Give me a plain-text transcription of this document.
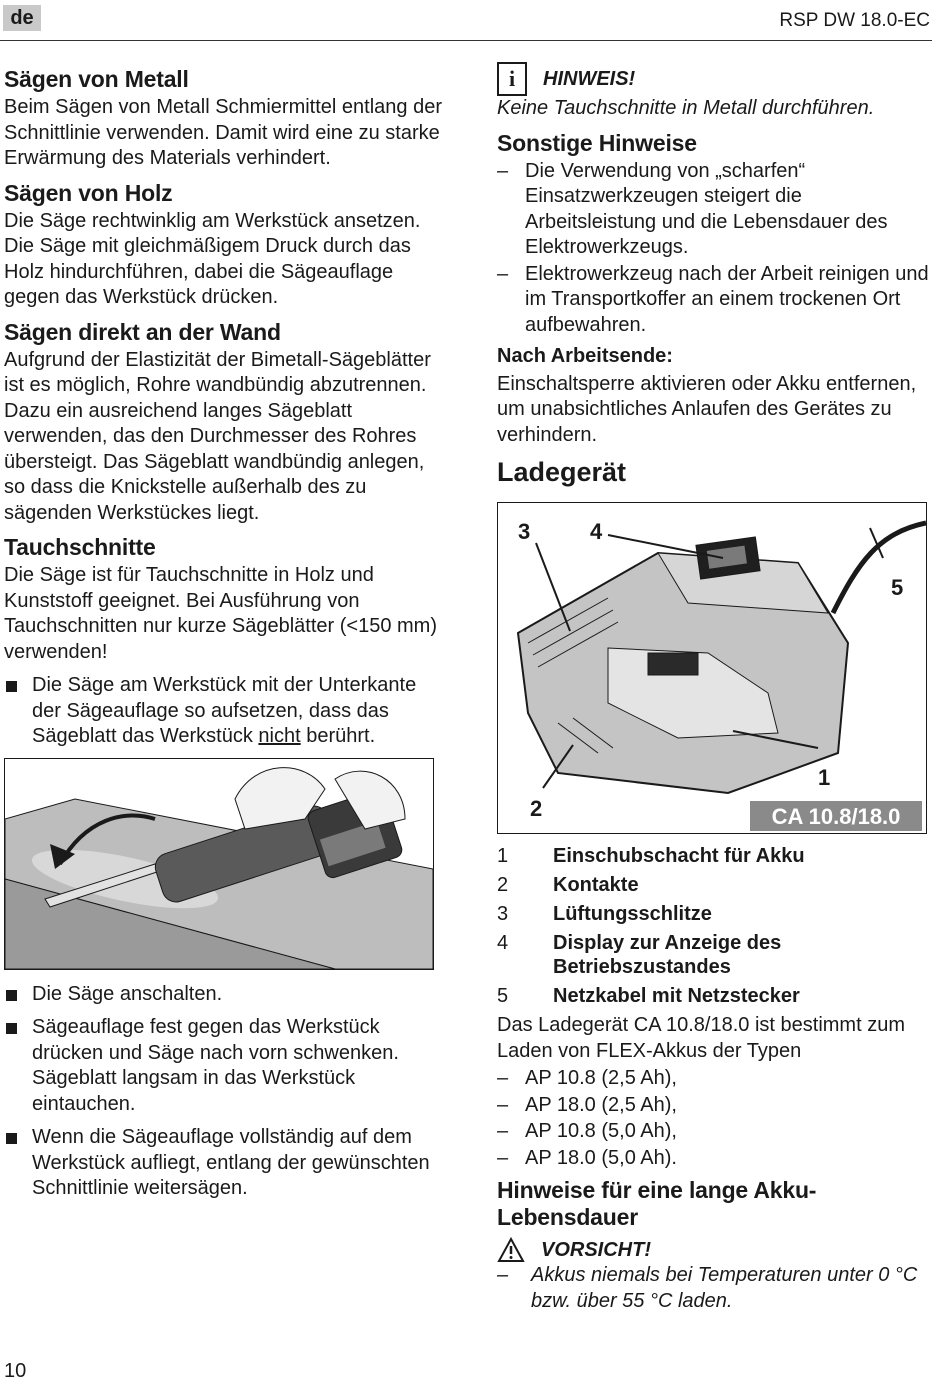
de	RSP DW 18.0-EC
Sägen von Metall

Beim Sägen von Metall Schmiermittel entlang der Schnittlinie verwenden. Damit wird eine zu starke Erwärmung des Materials verhindert.

Sägen von Holz

Die Säge rechtwinklig am Werkstück ansetzen. Die Säge mit gleichmäßigem Druck durch das Holz hindurchführen, dabei die Sägeauflage gegen das Werkstück drücken.

Sägen direkt an der Wand

Aufgrund der Elastizität der Bimetall-Sägeblätter ist es möglich, Rohre wandbündig abzutrennen. Dazu ein ausreichend langes Sägeblatt verwenden, das den Durchmesser des Rohres übersteigt. Das Sägeblatt wandbündig anlegen, so dass die Knickstelle außerhalb des zu sägenden Werkstückes liegt.

Tauchschnitte

Die Säge ist für Tauchschnitte in Holz und Kunststoff geeignet. Bei Ausführung von Tauchschnitten nur kurze Sägeblätter (<150 mm) verwenden!

Die Säge am Werkstück mit der Unterkante der Sägeauflage so aufsetzen, dass das Sägeblatt das Werkstück nicht berührt.
Die Säge anschalten.
Sägeauflage fest gegen das Werkstück drücken und Säge nach vorn schwenken. Sägeblatt langsam in das Werkstück eintauchen.
Wenn die Sägeauflage vollständig auf dem Werkstück aufliegt, entlang der gewünschten Schnittlinie weitersägen.
i	HINWEIS!

Keine Tauchschnitte in Metall durchführen.

Sonstige Hinweise
– Die Verwendung von „scharfen“ Einsatzwerkzeugen steigert die Arbeitsleistung und die Lebensdauer des Elektrowerkzeugs.
– Elektrowerkzeug nach der Arbeit reinigen und im Transportkoffer an einem trockenen Ort aufbewahren.
Nach Arbeitsende:

Einschaltsperre aktivieren oder Akku entfernen, um unabsichtliches Anlaufen des Gerätes zu verhindern.

Ladegerät
1
2
3	4
5
CA 10.8/18.0
1	Einschubschacht für Akku
2	Kontakte
3	Lüftungsschlitze
4	Display zur Anzeige des Betriebszustandes
5	Netzkabel mit Netzstecker

Das Ladegerät CA 10.8/18.0 ist bestimmt zum Laden von FLEX-Akkus der Typen

– AP 10.8 (2,5 Ah),
– AP 18.0 (2,5 Ah),
– AP 10.8 (5,0 Ah),
– AP 18.0 (5,0 Ah).
Hinweise für eine lange Akku-Lebensdauer
VORSICHT!
– Akkus niemals bei Temperaturen unter 0 °C bzw. über 55 °C laden.
10
